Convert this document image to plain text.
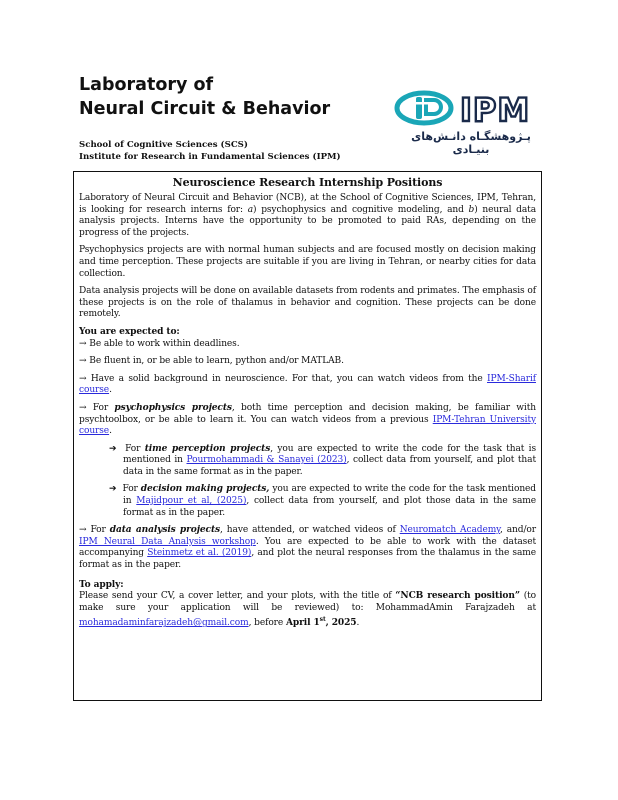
Laboratory of
Neural Circuit & Behavior
School of Cognitive Sciences (SCS)
Institute for Research in Fundamental Sciences (IPM)
IPM
پـژوهشگـاه دانـش‌های بنیـادی
Neuroscience Research Internship Positions

Laboratory of Neural Circuit and Behavior (NCB), at the School of Cognitive Sciences, IPM, Tehran, is looking for research interns for: a) psychophysics and cognitive modeling, and b) neural data analysis projects. Interns have the opportunity to be promoted to paid RAs, depending on the progress of the projects.

Psychophysics projects are with normal human subjects and are focused mostly on decision making and time perception. These projects are suitable if you are living in Tehran, or nearby cities for data collection.

Data analysis projects will be done on available datasets from rodents and primates. The emphasis of these projects is on the role of thalamus in behavior and cognition. These projects can be done remotely.

You are expected to:
→ Be able to work within deadlines.
→ Be fluent in, or be able to learn, python and/or MATLAB.
→ Have a solid background in neuroscience. For that, you can watch videos from the IPM-Sharif course.
→ For psychophysics projects, both time perception and decision making, be familiar with psychtoolbox, or be able to learn it. You can watch videos from a previous IPM-Tehran University course.
➔  For time perception projects, you are expected to write the code for the task that is mentioned in Pourmohammadi & Sanayei (2023), collect data from yourself, and plot that data in the same format as in the paper.
➔  For decision making projects, you are expected to write the code for the task mentioned in Majidpour et al, (2025), collect data from yourself, and plot those data in the same format as in the paper.
→ For data analysis projects, have attended, or watched videos of Neuromatch Academy, and/or IPM Neural Data Analysis workshop. You are expected to be able to work with the dataset accompanying Steinmetz et al. (2019), and plot the neural responses from the thalamus in the same format as in the paper.
To apply:

Please send your CV, a cover letter, and your plots, with the title of “NCB research position” (to make sure your application will be reviewed) to: MohammadAmin Farajzadeh at mohamadaminfarajzadeh@gmail.com, before April 1st, 2025.
